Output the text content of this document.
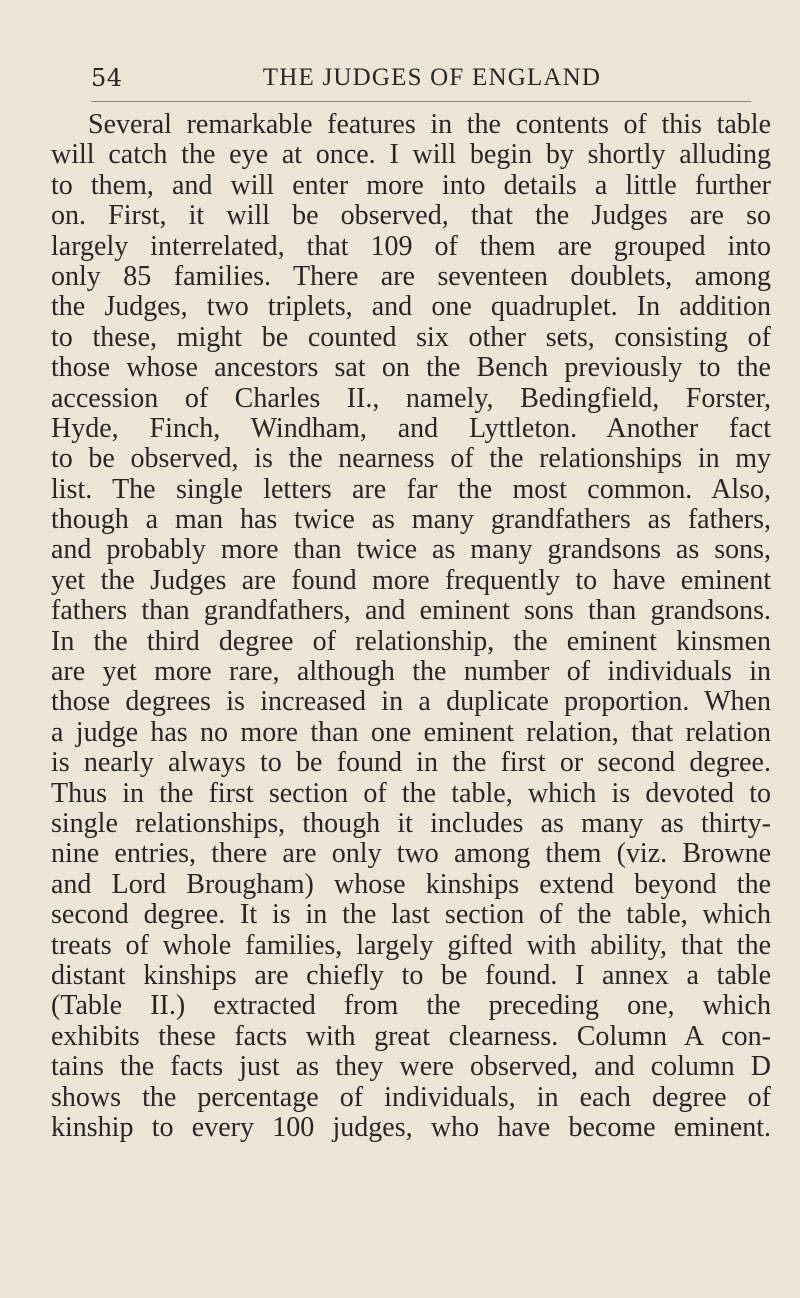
54	THE JUDGES OF ENGLAND
Several remarkable features in the contents of this table
will catch the eye at once. I will begin by shortly alluding
to them, and will enter more into details a little further
on. First, it will be observed, that the Judges are so
largely interrelated, that 109 of them are grouped into
only 85 families. There are seventeen doublets, among
the Judges, two triplets, and one quadruplet. In addition
to these, might be counted six other sets, consisting of
those whose ancestors sat on the Bench previously to the
accession of Charles II., namely, Bedingfield, Forster,
Hyde, Finch, Windham, and Lyttleton. Another fact
to be observed, is the nearness of the relationships in my
list. The single letters are far the most common. Also,
though a man has twice as many grandfathers as fathers,
and probably more than twice as many grandsons as sons,
yet the Judges are found more frequently to have eminent
fathers than grandfathers, and eminent sons than grandsons.
In the third degree of relationship, the eminent kinsmen
are yet more rare, although the number of individuals in
those degrees is increased in a duplicate proportion. When
a judge has no more than one eminent relation, that relation
is nearly always to be found in the first or second degree.
Thus in the first section of the table, which is devoted to
single relationships, though it includes as many as thirty-
nine entries, there are only two among them (viz. Browne
and Lord Brougham) whose kinships extend beyond the
second degree. It is in the last section of the table, which
treats of whole families, largely gifted with ability, that the
distant kinships are chiefly to be found. I annex a table
(Table II.) extracted from the preceding one, which
exhibits these facts with great clearness. Column A con-
tains the facts just as they were observed, and column D
shows the percentage of individuals, in each degree of
kinship to every 100 judges, who have become eminent.
